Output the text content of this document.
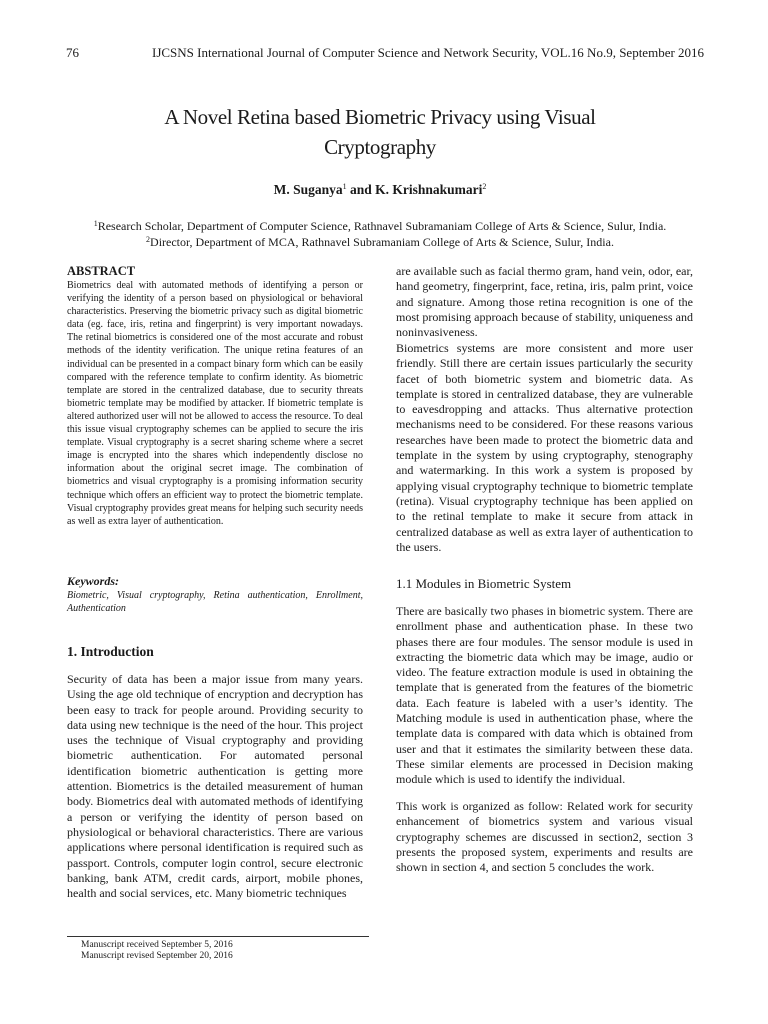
76	IJCSNS International Journal of Computer Science and Network Security, VOL.16 No.9, September 2016
A Novel Retina based Biometric Privacy using Visual
Cryptography
M. Suganya$^1$ and K. Krishnakumari$^2$
$^1$Research Scholar, Department of Computer Science, Rathnavel Subramaniam College of Arts & Science, Sulur, India.
$^2$Director, Department of MCA, Rathnavel Subramaniam College of Arts & Science, Sulur, India.
ABSTRACT

Biometrics deal with automated methods of identifying a person or verifying the identity of a person based on physiological or behavioral characteristics. Preserving the biometric privacy such as digital biometric data (eg. face, iris, retina and fingerprint) is very important nowadays. The retinal biometrics is considered one of the most accurate and robust methods of the identity verification. The unique retina features of an individual can be presented in a compact binary form which can be easily compared with the reference template to confirm identity. As biometric template are stored in the centralized database, due to security threats biometric template may be modified by attacker. If biometric template is altered authorized user will not be allowed to access the resource. To deal this issue visual cryptography schemes can be applied to secure the iris template. Visual cryptography is a secret sharing scheme where a secret image is encrypted into the shares which independently disclose no information about the original secret image. The combination of biometrics and visual cryptography is a promising information security technique which offers an efficient way to protect the biometric template. Visual cryptography provides great means for helping such security needs as well as extra layer of authentication.

Keywords:

Biometric, Visual cryptography, Retina authentication, Enrollment, Authentication

1. Introduction

Security of data has been a major issue from many years. Using the age old technique of encryption and decryption has been easy to track for people around. Providing security to data using new technique is the need of the hour. This project uses the technique of Visual cryptography and providing biometric authentication. For automated personal identification biometric authentication is getting more attention. Biometrics is the detailed measurement of human body. Biometrics deal with automated methods of identifying a person or verifying the identity of person based on physiological or behavioral characteristics. There are various applications where personal identification is required such as passport. Controls, computer login control, secure electronic banking, bank ATM, credit cards, airport, mobile phones, health and social services, etc. Many biometric techniques

are available such as facial thermo gram, hand vein, odor, ear, hand geometry, fingerprint, face, retina, iris, palm print, voice and signature. Among those retina recognition is one of the most promising approach because of stability, uniqueness and noninvasiveness.

Biometrics systems are more consistent and more user friendly. Still there are certain issues particularly the security facet of both biometric system and biometric data. As template is stored in centralized database, they are vulnerable to eavesdropping and attacks. Thus alternative protection mechanisms need to be considered. For these reasons various researches have been made to protect the biometric data and template in the system by using cryptography, stenography and watermarking. In this work a system is proposed by applying visual cryptography technique to biometric template (retina). Visual cryptography technique has been applied on to the retinal template to make it secure from attack in centralized database as well as extra layer of authentication to the users.

1.1 Modules in Biometric System

There are basically two phases in biometric system. There are enrollment phase and authentication phase. In these two phases there are four modules. The sensor module is used in extracting the biometric data which may be image, audio or video. The feature extraction module is used in obtaining the template that is generated from the features of the biometric data. Each feature is labeled with a user’s identity. The Matching module is used in authentication phase, where the template data is compared with data which is obtained from user and that it estimates the similarity between these data. These similar elements are processed in Decision making module which is used to identify the individual.

This work is organized as follow: Related work for security enhancement of biometrics system and various visual cryptography schemes are discussed in section2, section 3 presents the proposed system, experiments and results are shown in section 4, and section 5 concludes the work.

Manuscript received September 5, 2016
Manuscript revised September 20, 2016
